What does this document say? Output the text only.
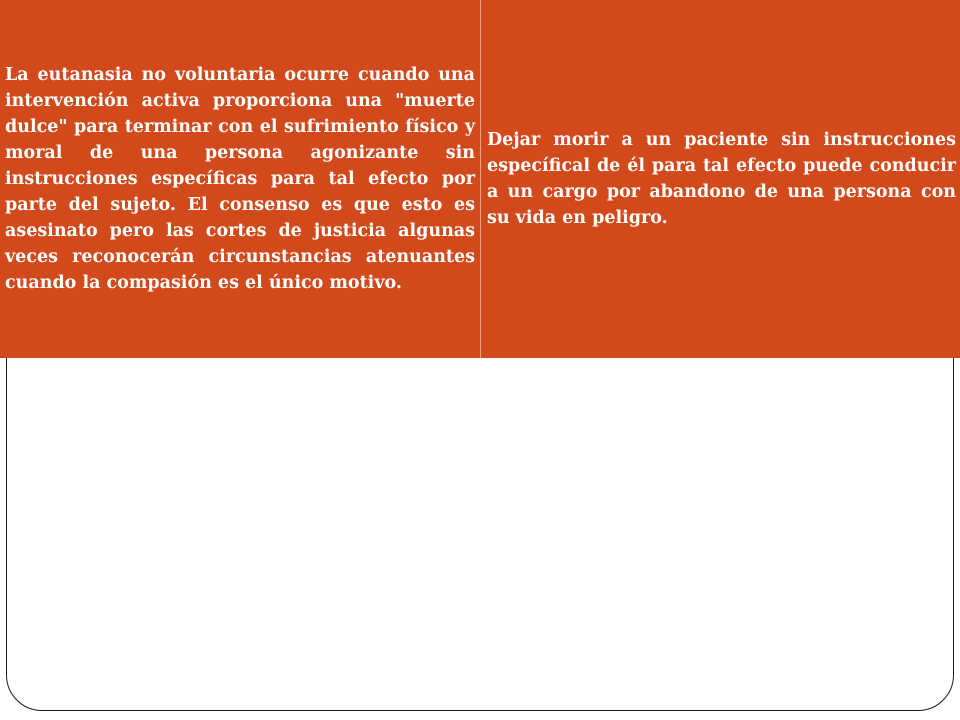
La eutanasia no voluntaria ocurre cuando una intervención activa proporciona una "muerte dulce" para terminar con el sufrimiento físico y moral de una persona agonizante sin instrucciones específicas para tal efecto por parte del sujeto. El consenso es que esto es asesinato pero las cortes de justicia algunas veces reconocerán circunstancias atenuantes cuando la compasión es el único motivo.

Dejar morir a un paciente sin instrucciones específical de él para tal efecto puede conducir a un cargo por abandono de una persona con su vida en peligro.
